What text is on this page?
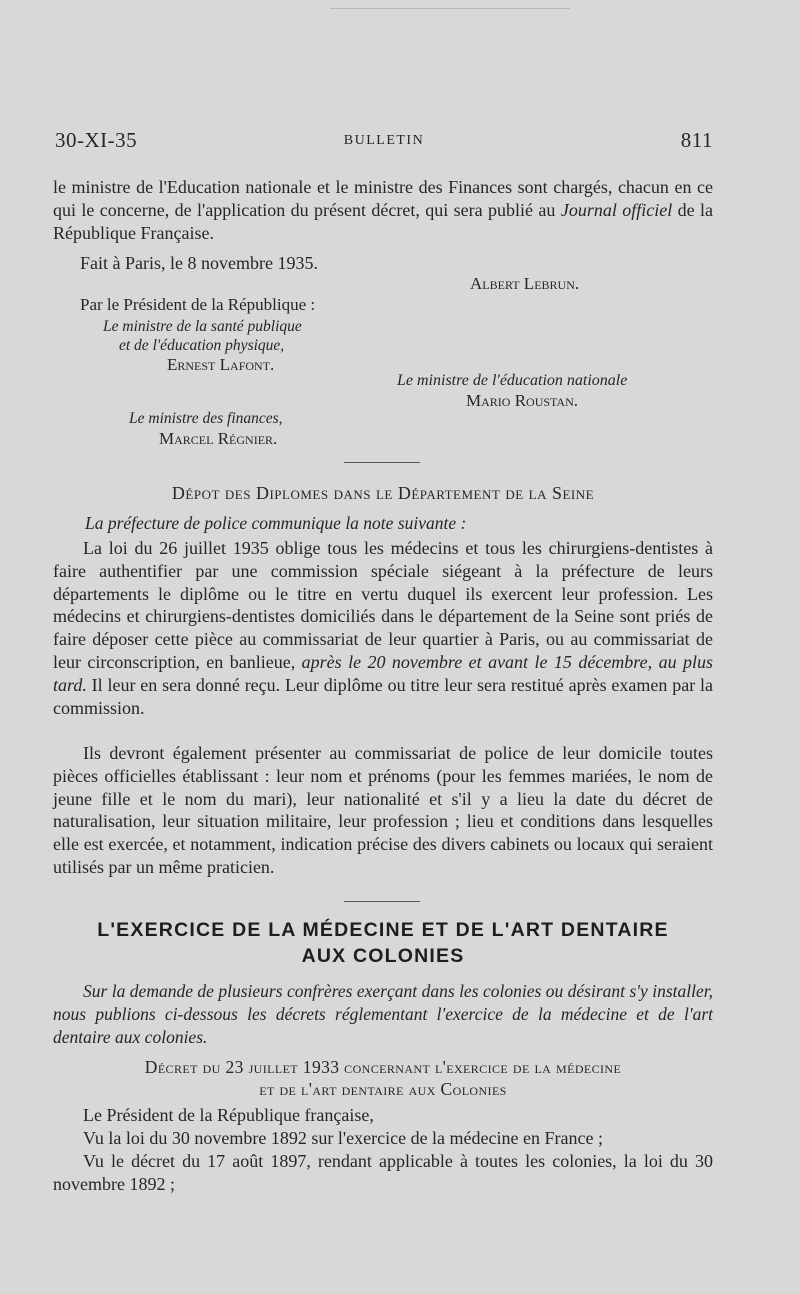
30-XI-35	BULLETIN	811

le ministre de l'Education nationale et le ministre des Finances sont chargés, chacun en ce qui le concerne, de l'application du présent décret, qui sera publié au Journal officiel de la République Française.

Fait à Paris, le 8 novembre 1935.
Albert Lebrun.
Par le Président de la République :
Le ministre de la santé publique
et de l'éducation physique,
Ernest Lafont.
Le ministre de l'éducation nationale
Mario Roustan.
Le ministre des finances,
Marcel Régnier.
Dépot des Diplomes dans le Département de la Seine
La préfecture de police communique la note suivante :

La loi du 26 juillet 1935 oblige tous les médecins et tous les chirurgiens-dentistes à faire authentifier par une commission spéciale siégeant à la préfecture de leurs départements le diplôme ou le titre en vertu duquel ils exercent leur profession. Les médecins et chirurgiens-dentistes domiciliés dans le département de la Seine sont priés de faire déposer cette pièce au commissariat de leur quartier à Paris, ou au commissariat de leur circonscription, en banlieue, après le 20 novembre et avant le 15 décembre, au plus tard. Il leur en sera donné reçu. Leur diplôme ou titre leur sera restitué après examen par la commission.

Ils devront également présenter au commissariat de police de leur domicile toutes pièces officielles établissant : leur nom et prénoms (pour les femmes mariées, le nom de jeune fille et le nom du mari), leur nationalité et s'il y a lieu la date du décret de naturalisation, leur situation militaire, leur profession ; lieu et conditions dans lesquelles elle est exercée, et notamment, indication précise des divers cabinets ou locaux qui seraient utilisés par un même praticien.

L'EXERCICE DE LA MÉDECINE ET DE L'ART DENTAIRE
AUX COLONIES

Sur la demande de plusieurs confrères exerçant dans les colonies ou désirant s'y installer, nous publions ci-dessous les décrets réglementant l'exercice de la médecine et de l'art dentaire aux colonies.

Décret du 23 juillet 1933 concernant l'exercice de la médecine
et de l'art dentaire aux Colonies

Le Président de la République française,

Vu la loi du 30 novembre 1892 sur l'exercice de la médecine en France ;

Vu le décret du 17 août 1897, rendant applicable à toutes les colonies, la loi du 30 novembre 1892 ;
